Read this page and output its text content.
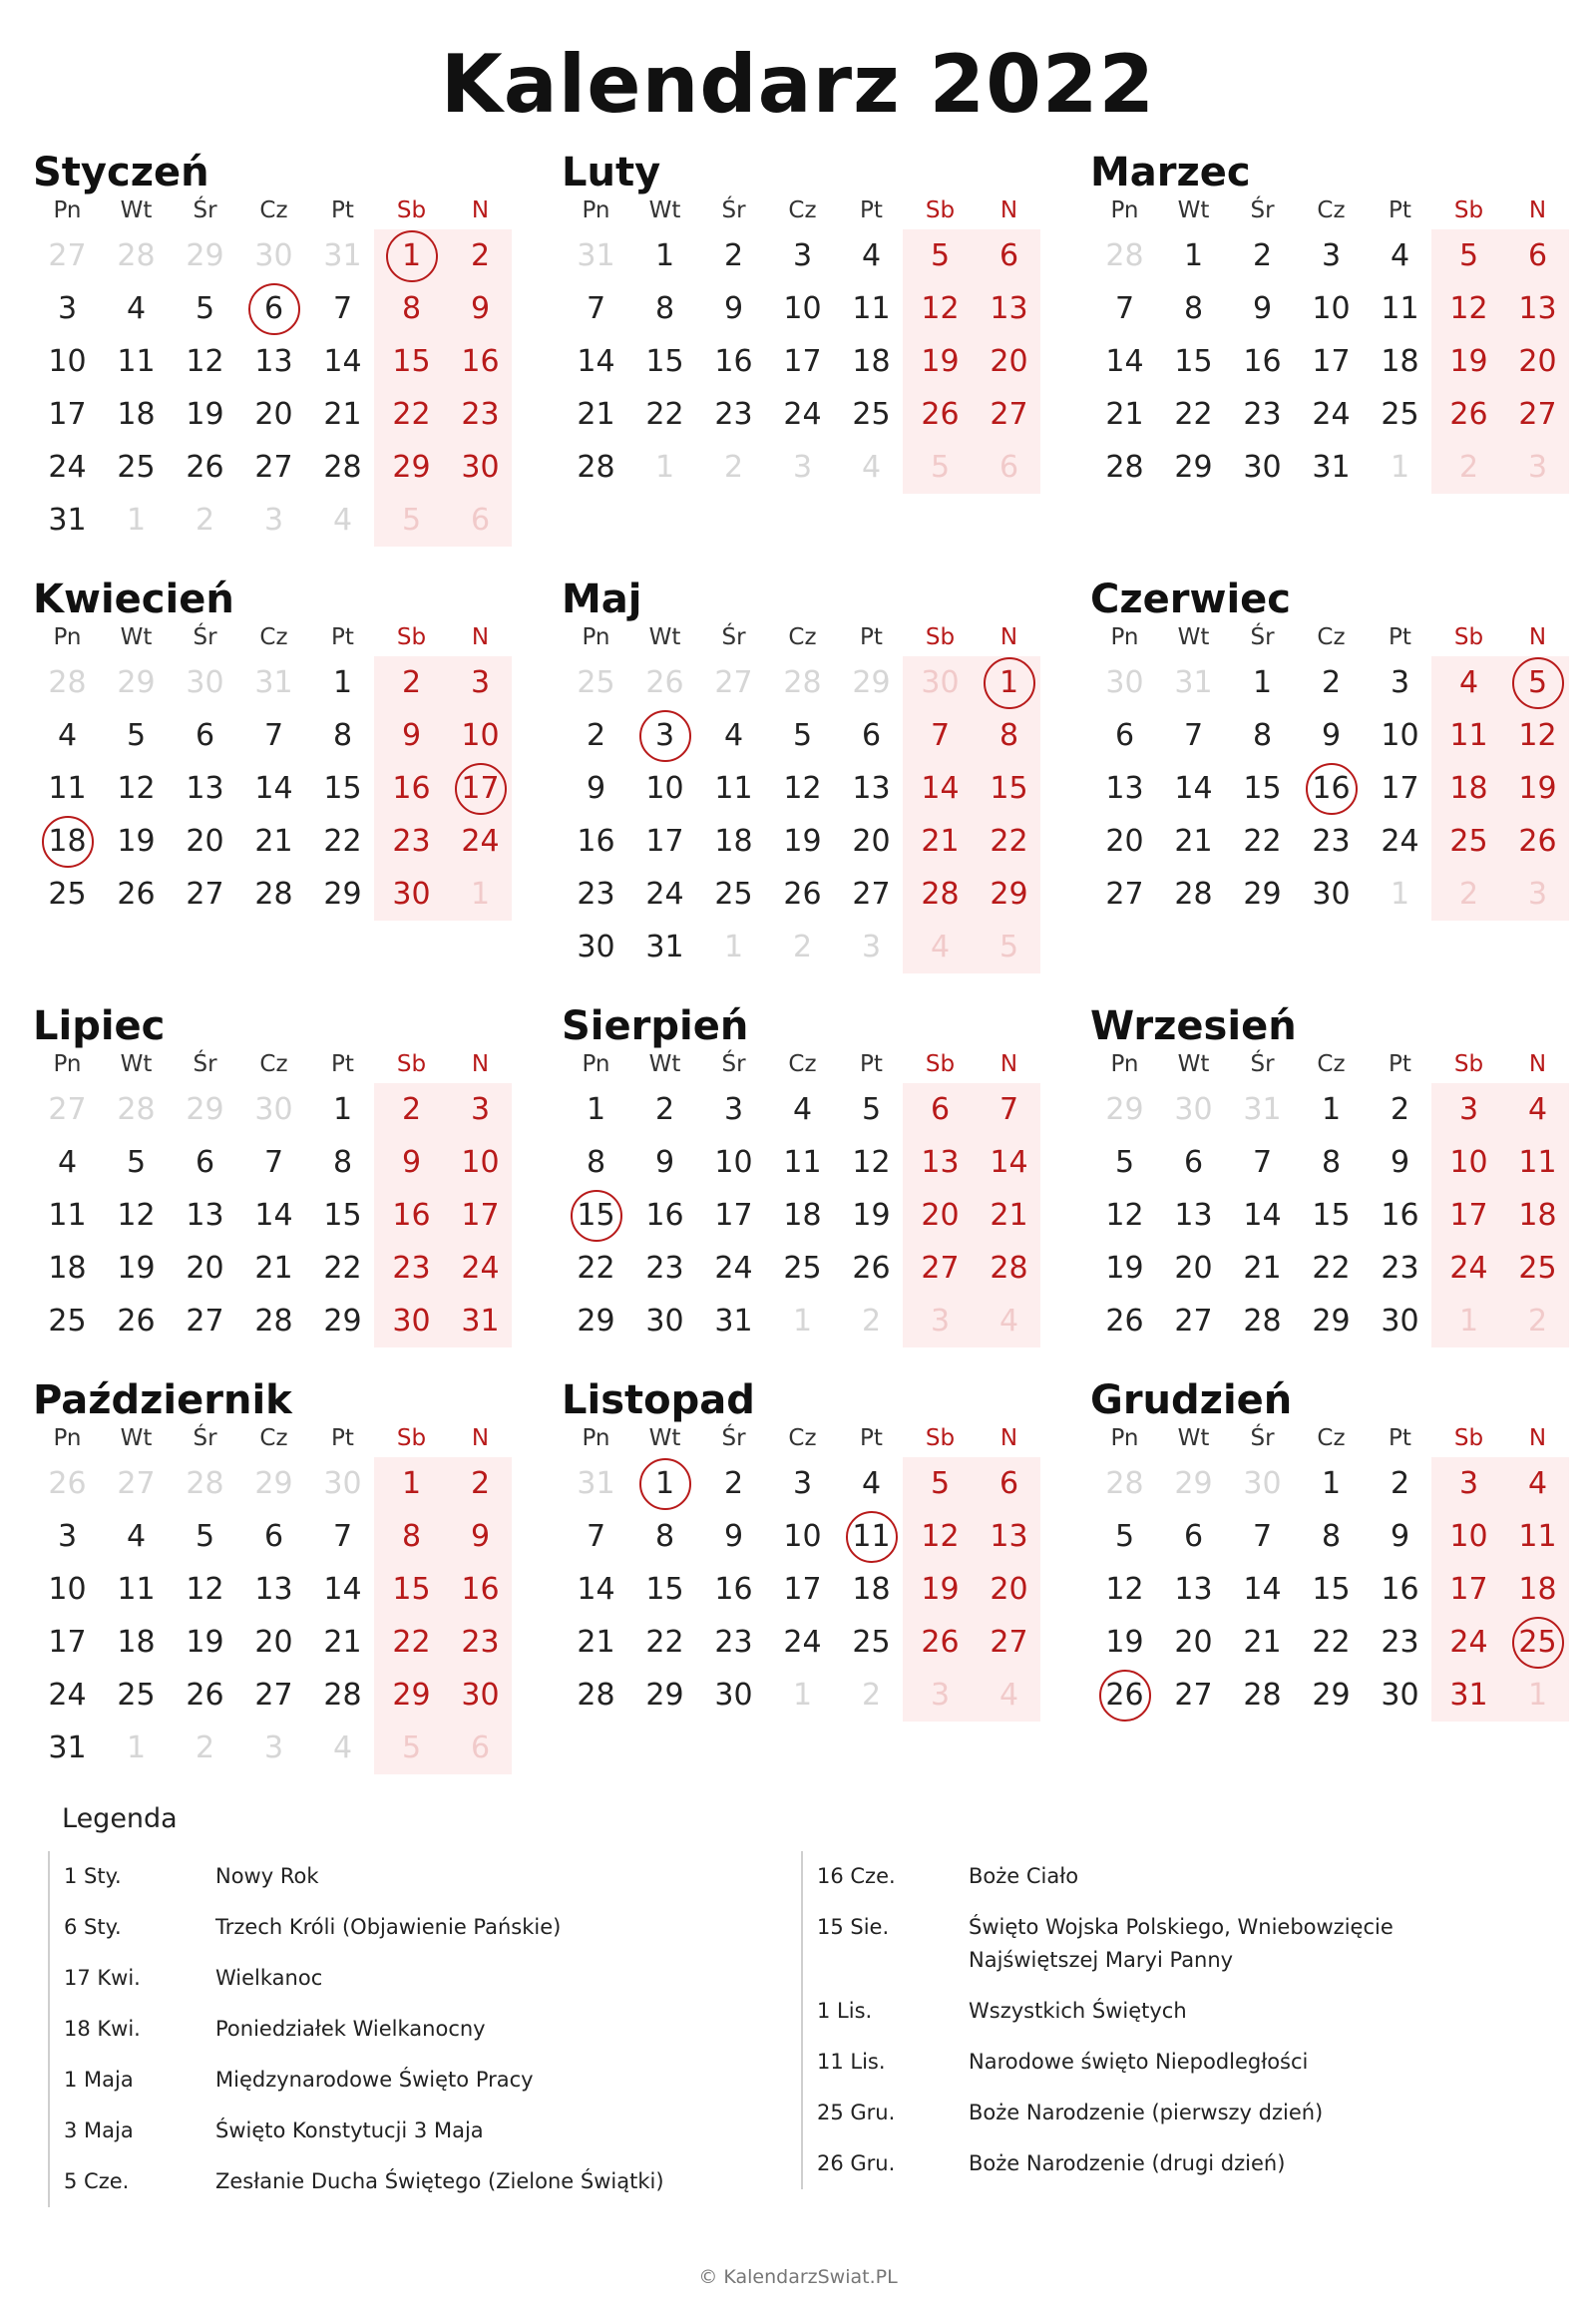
Kalendarz 2022
Styczeń
Pn	Wt	Śr	Cz	Pt	Sb	N
27	28	29	30	31	1	2
3	4	5	6	7	8	9
10	11	12	13	14	15	16
17	18	19	20	21	22	23
24	25	26	27	28	29	30
31	1	2	3	4	5	6
Luty
Pn	Wt	Śr	Cz	Pt	Sb	N
31	1	2	3	4	5	6
7	8	9	10	11	12	13
14	15	16	17	18	19	20
21	22	23	24	25	26	27
28	1	2	3	4	5	6
Marzec
Pn	Wt	Śr	Cz	Pt	Sb	N
28	1	2	3	4	5	6
7	8	9	10	11	12	13
14	15	16	17	18	19	20
21	22	23	24	25	26	27
28	29	30	31	1	2	3
Kwiecień
Pn	Wt	Śr	Cz	Pt	Sb	N
28	29	30	31	1	2	3
4	5	6	7	8	9	10
11	12	13	14	15	16	17
18	19	20	21	22	23	24
25	26	27	28	29	30	1
Maj
Pn	Wt	Śr	Cz	Pt	Sb	N
25	26	27	28	29	30	1
2	3	4	5	6	7	8
9	10	11	12	13	14	15
16	17	18	19	20	21	22
23	24	25	26	27	28	29
30	31	1	2	3	4	5
Czerwiec
Pn	Wt	Śr	Cz	Pt	Sb	N
30	31	1	2	3	4	5
6	7	8	9	10	11	12
13	14	15	16	17	18	19
20	21	22	23	24	25	26
27	28	29	30	1	2	3
Lipiec
Pn	Wt	Śr	Cz	Pt	Sb	N
27	28	29	30	1	2	3
4	5	6	7	8	9	10
11	12	13	14	15	16	17
18	19	20	21	22	23	24
25	26	27	28	29	30	31
Sierpień
Pn	Wt	Śr	Cz	Pt	Sb	N
1	2	3	4	5	6	7
8	9	10	11	12	13	14
15	16	17	18	19	20	21
22	23	24	25	26	27	28
29	30	31	1	2	3	4
Wrzesień
Pn	Wt	Śr	Cz	Pt	Sb	N
29	30	31	1	2	3	4
5	6	7	8	9	10	11
12	13	14	15	16	17	18
19	20	21	22	23	24	25
26	27	28	29	30	1	2
Październik
Pn	Wt	Śr	Cz	Pt	Sb	N
26	27	28	29	30	1	2
3	4	5	6	7	8	9
10	11	12	13	14	15	16
17	18	19	20	21	22	23
24	25	26	27	28	29	30
31	1	2	3	4	5	6
Listopad
Pn	Wt	Śr	Cz	Pt	Sb	N
31	1	2	3	4	5	6
7	8	9	10	11	12	13
14	15	16	17	18	19	20
21	22	23	24	25	26	27
28	29	30	1	2	3	4
Grudzień
Pn	Wt	Śr	Cz	Pt	Sb	N
28	29	30	1	2	3	4
5	6	7	8	9	10	11
12	13	14	15	16	17	18
19	20	21	22	23	24	25
26	27	28	29	30	31	1
Legenda
1 Sty.	Nowy Rok
6 Sty.	Trzech Króli (Objawienie Pańskie)
17 Kwi.	Wielkanoc
18 Kwi.	Poniedziałek Wielkanocny
1 Maja	Międzynarodowe Święto Pracy
3 Maja	Święto Konstytucji 3 Maja
5 Cze.	Zesłanie Ducha Świętego (Zielone Świątki)
16 Cze.	Boże Ciało
15 Sie.	Święto Wojska Polskiego, Wniebowzięcie Najświętszej Maryi Panny
1 Lis.	Wszystkich Świętych
11 Lis.	Narodowe święto Niepodległości
25 Gru.	Boże Narodzenie (pierwszy dzień)
26 Gru.	Boże Narodzenie (drugi dzień)
© KalendarzSwiat.PL
